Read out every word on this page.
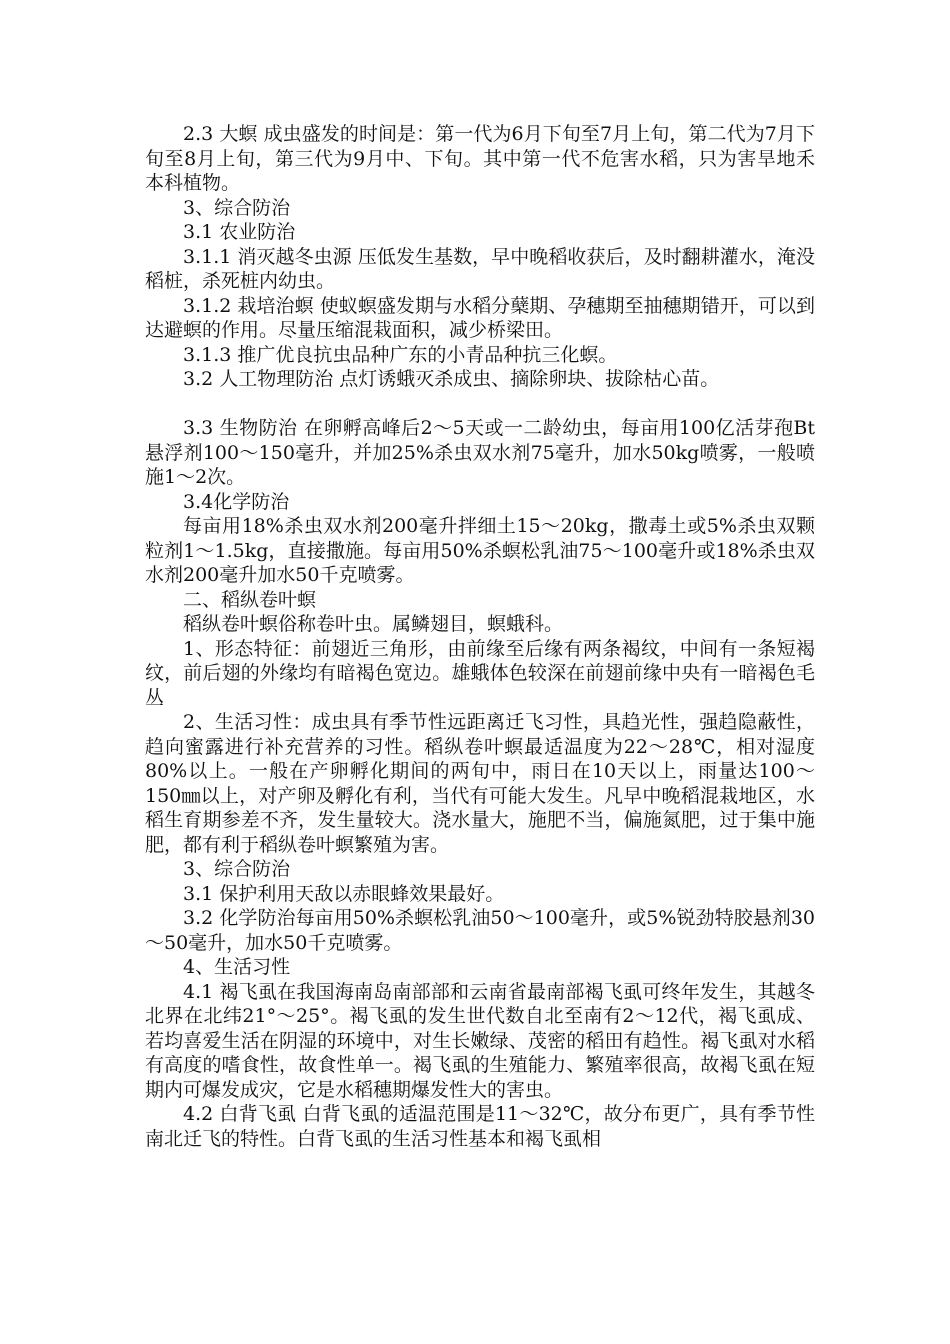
2.3 大螟 成虫盛发的时间是：第一代为6月下旬至7月上旬，第二代为7月下旬至8月上旬，第三代为9月中、下旬。其中第一代不危害水稻，只为害旱地禾本科植物。

3、综合防治

3.1 农业防治

3.1.1 消灭越冬虫源 压低发生基数，早中晚稻收获后，及时翻耕灌水，淹没稻桩，杀死桩内幼虫。

3.1.2 栽培治螟 使蚁螟盛发期与水稻分蘖期、孕穗期至抽穗期错开，可以到达避螟的作用。尽量压缩混栽面积，减少桥梁田。

3.1.3 推广优良抗虫品种广东的小青品种抗三化螟。

3.2 人工物理防治 点灯诱蛾灭杀成虫、摘除卵块、拔除枯心苗。

3.3 生物防治 在卵孵高峰后2～5天或一二龄幼虫，每亩用100亿活芽孢Bt悬浮剂100～150毫升，并加25%杀虫双水剂75毫升，加水50kg喷雾，一般喷施1～2次。

3.4化学防治

每亩用18%杀虫双水剂200毫升拌细土15～20kg，撒毒土或5%杀虫双颗粒剂1～1.5kg，直接撒施。每亩用50%杀螟松乳油75～100毫升或18%杀虫双水剂200毫升加水50千克喷雾。

二、稻纵卷叶螟

稻纵卷叶螟俗称卷叶虫。属鳞翅目，螟蛾科。

1、形态特征：前翅近三角形，由前缘至后缘有两条褐纹，中间有一条短褐纹，前后翅的外缘均有暗褐色宽边。雄蛾体色较深在前翅前缘中央有一暗褐色毛丛

2、生活习性：成虫具有季节性远距离迁飞习性，具趋光性，强趋隐蔽性，趋向蜜露进行补充营养的习性。稻纵卷叶螟最适温度为22～28℃，相对湿度80%以上。一般在产卵孵化期间的两旬中，雨日在10天以上，雨量达100～150㎜以上，对产卵及孵化有利，当代有可能大发生。凡早中晚稻混栽地区，水稻生育期参差不齐，发生量较大。浇水量大，施肥不当，偏施氮肥，过于集中施肥，都有利于稻纵卷叶螟繁殖为害。

3、综合防治

3.1 保护利用天敌以赤眼蜂效果最好。

3.2 化学防治每亩用50%杀螟松乳油50～100毫升，或5%锐劲特胶悬剂30～50毫升，加水50千克喷雾。

4、生活习性

4.1 褐飞虱在我国海南岛南部部和云南省最南部褐飞虱可终年发生，其越冬北界在北纬21°～25°。褐飞虱的发生世代数自北至南有2～12代，褐飞虱成、若均喜爱生活在阴湿的环境中，对生长嫩绿、茂密的稻田有趋性。褐飞虱对水稻有高度的嗜食性，故食性单一。褐飞虱的生殖能力、繁殖率很高，故褐飞虱在短期内可爆发成灾，它是水稻穗期爆发性大的害虫。

4.2 白背飞虱 白背飞虱的适温范围是11～32℃，故分布更广，具有季节性南北迁飞的特性。白背飞虱的生活习性基本和褐飞虱相
